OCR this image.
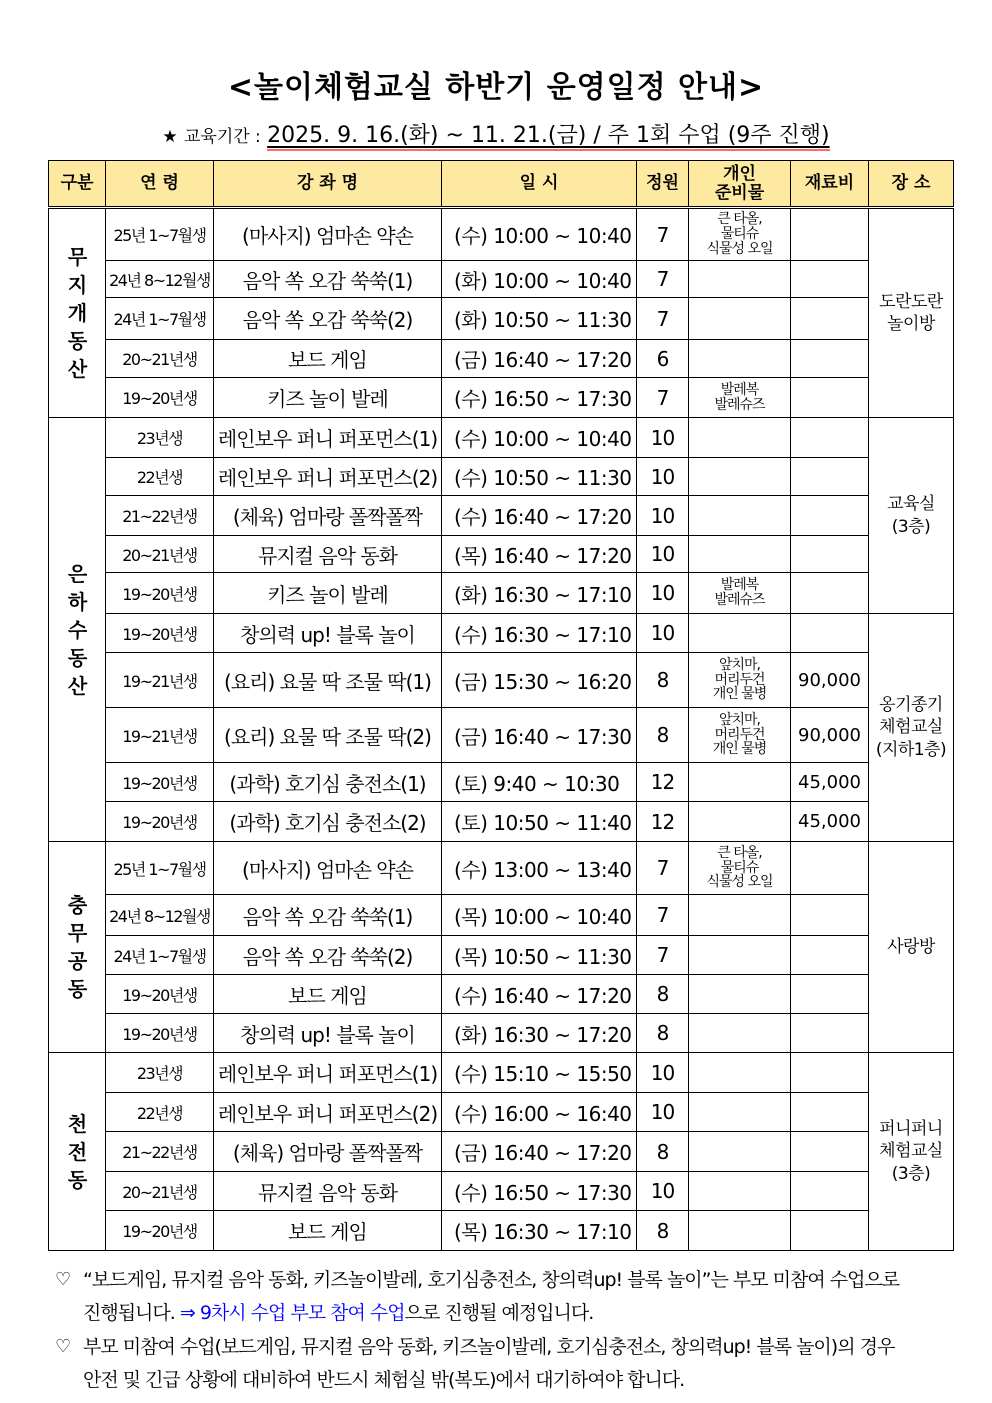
<놀이체험교실 하반기 운영일정 안내>
★ 교육기간 : 2025. 9. 16.(화) ~ 11. 21.(금) / 주 1회 수업 (9주 진행)
구분	연 령	강 좌 명	일 시	정원	개인
준비물	재료비	장 소

무
지
개
동
산	25년 1~7월생	(마사지) 엄마손 약손	(수) 10:00 ~ 10:40	7	큰 타올,
물티슈
식물성 오일		도란도란
놀이방

	24년 8~12월생	음악 쏙 오감 쑥쑥(1)	(화) 10:00 ~ 10:40	7			
	24년 1~7월생	음악 쏙 오감 쑥쑥(2)	(화) 10:50 ~ 11:30	7			
	20~21년생	보드 게임	(금) 16:40 ~ 17:20	6			
	19~20년생	키즈 놀이 발레	(수) 16:50 ~ 17:30	7	발레복
발레슈즈		

은
하
수
동
산	23년생	레인보우 퍼니 퍼포먼스(1)	(수) 10:00 ~ 10:40	10			교육실
(3층)

	22년생	레인보우 퍼니 퍼포먼스(2)	(수) 10:50 ~ 11:30	10			
	21~22년생	(체육) 엄마랑 폴짝폴짝	(수) 16:40 ~ 17:20	10			
	20~21년생	뮤지컬 음악 동화	(목) 16:40 ~ 17:20	10			
	19~20년생	키즈 놀이 발레	(화) 16:30 ~ 17:10	10	발레복
발레슈즈		
	19~20년생	창의력 up! 블록 놀이	(수) 16:30 ~ 17:10	10			옹기종기
체험교실
(지하1층)

	19~21년생	(요리) 요물 딱 조물 딱(1)	(금) 15:30 ~ 16:20	8	앞치마,
머리두건
개인 물병	90,000	
	19~21년생	(요리) 요물 딱 조물 딱(2)	(금) 16:40 ~ 17:30	8	앞치마,
머리두건
개인 물병	90,000	
	19~20년생	(과학) 호기심 충전소(1)	(토) 9:40 ~ 10:30	12		45,000	
	19~20년생	(과학) 호기심 충전소(2)	(토) 10:50 ~ 11:40	12		45,000	

충
무
공
동	25년 1~7월생	(마사지) 엄마손 약손	(수) 13:00 ~ 13:40	7	큰 타올,
물티슈
식물성 오일		사랑방

	24년 8~12월생	음악 쏙 오감 쑥쑥(1)	(목) 10:00 ~ 10:40	7			
	24년 1~7월생	음악 쏙 오감 쑥쑥(2)	(목) 10:50 ~ 11:30	7			
	19~20년생	보드 게임	(수) 16:40 ~ 17:20	8			
	19~20년생	창의력 up! 블록 놀이	(화) 16:30 ~ 17:20	8			

천
전
동	23년생	레인보우 퍼니 퍼포먼스(1)	(수) 15:10 ~ 15:50	10			퍼니퍼니
체험교실
(3층)

	22년생	레인보우 퍼니 퍼포먼스(2)	(수) 16:00 ~ 16:40	10			
	21~22년생	(체육) 엄마랑 폴짝폴짝	(금) 16:40 ~ 17:20	8			
	20~21년생	뮤지컬 음악 동화	(수) 16:50 ~ 17:30	10			
	19~20년생	보드 게임	(목) 16:30 ~ 17:10	8			
♡ “보드게임, 뮤지컬 음악 동화, 키즈놀이발레, 호기심충전소, 창의력up! 블록 놀이”는 부모 미참여 수업으로
진행됩니다. ⇒ 9차시 수업 부모 참여 수업으로 진행될 예정입니다.
♡ 부모 미참여 수업(보드게임, 뮤지컬 음악 동화, 키즈놀이발레, 호기심충전소, 창의력up! 블록 놀이)의 경우
안전 및 긴급 상황에 대비하여 반드시 체험실 밖(복도)에서 대기하여야 합니다.
